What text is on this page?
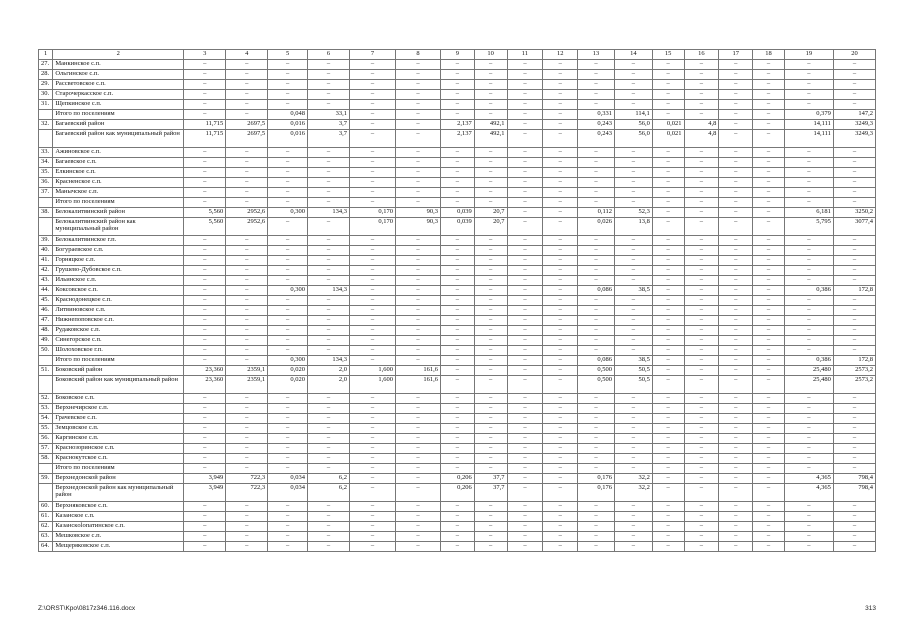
1	2	3	4	5	6	7	8	9	10	11	12	13	14	15	16	17	18	19	20
27.	Манкинское с.п.	–	–	–	–	–	–	–	–	–	–	–	–	–	–	–	–	–	–
28.	Ольгинское с.п.	–	–	–	–	–	–	–	–	–	–	–	–	–	–	–	–	–	–
29.	Рассветовское с.п.	–	–	–	–	–	–	–	–	–	–	–	–	–	–	–	–	–	–
30.	Старочеркасское с.п.	–	–	–	–	–	–	–	–	–	–	–	–	–	–	–	–	–	–
31.	Щепкинское с.п.	–	–	–	–	–	–	–	–	–	–	–	–	–	–	–	–	–	–
	Итого по поселениям	–	–	0,048	33,1	–	–	–	–	–	–	0,331	114,1	–	–	–	–	0,379	147,2
32.	Багаевский район	11,715	2697,5	0,016	3,7	–	–	2,137	492,1	–	–	0,243	56,0	0,021	4,8	–	–	14,111	3249,3
	Багаевский район как муниципальный район	11,715	2697,5	0,016	3,7	–	–	2,137	492,1	–	–	0,243	56,0	0,021	4,8	–	–	14,111	3249,3
33.	Ажиновское с.п.	–	–	–	–	–	–	–	–	–	–	–	–	–	–	–	–	–	–
34.	Багаевское с.п.	–	–	–	–	–	–	–	–	–	–	–	–	–	–	–	–	–	–
35.	Елкинское с.п.	–	–	–	–	–	–	–	–	–	–	–	–	–	–	–	–	–	–
36.	Красненское с.п.	–	–	–	–	–	–	–	–	–	–	–	–	–	–	–	–	–	–
37.	Манычское с.п.	–	–	–	–	–	–	–	–	–	–	–	–	–	–	–	–	–	–
	Итого по поселениям	–	–	–	–	–	–	–	–	–	–	–	–	–	–	–	–	–	–
38.	Белокалитвинский район	5,560	2952,6	0,300	134,3	0,170	90,3	0,039	20,7	–	–	0,112	52,3	–	–	–	–	6,181	3250,2
	Белокалитвинский район как муниципальный район	5,560	2952,6	–	–	0,170	90,3	0,039	20,7	–	–	0,026	13,8	–	–	–	–	5,795	3077,4
39.	Белокалитвинское г.п.	–	–	–	–	–	–	–	–	–	–	–	–	–	–	–	–	–	–
40.	Богураевское с.п.	–	–	–	–	–	–	–	–	–	–	–	–	–	–	–	–	–	–
41.	Горняцкое с.п.	–	–	–	–	–	–	–	–	–	–	–	–	–	–	–	–	–	–
42.	Грушево-Дубовское с.п.	–	–	–	–	–	–	–	–	–	–	–	–	–	–	–	–	–	–
43.	Ильинское с.п.	–	–	–	–	–	–	–	–	–	–	–	–	–	–	–	–	–	–
44.	Коксовское с.п.	–	–	0,300	134,3	–	–	–	–	–	–	0,086	38,5	–	–	–	–	0,386	172,8
45.	Краснодонецкое с.п.	–	–	–	–	–	–	–	–	–	–	–	–	–	–	–	–	–	–
46.	Литвиновское с.п.	–	–	–	–	–	–	–	–	–	–	–	–	–	–	–	–	–	–
47.	Нижнепоповское с.п.	–	–	–	–	–	–	–	–	–	–	–	–	–	–	–	–	–	–
48.	Рудаковское с.п.	–	–	–	–	–	–	–	–	–	–	–	–	–	–	–	–	–	–
49.	Синегорское с.п.	–	–	–	–	–	–	–	–	–	–	–	–	–	–	–	–	–	–
50.	Шолоховское г.п.	–	–	–	–	–	–	–	–	–	–	–	–	–	–	–	–	–	–
	Итого по поселениям	–	–	0,300	134,3	–	–	–	–	–	–	0,086	38,5	–	–	–	–	0,386	172,8
51.	Боковский район	23,360	2359,1	0,020	2,0	1,600	161,6	–	–	–	–	0,500	50,5	–	–	–	–	25,480	2573,2
	Боковский район как муниципальный район	23,360	2359,1	0,020	2,0	1,600	161,6	–	–	–	–	0,500	50,5	–	–	–	–	25,480	2573,2
52.	Боковское с.п.	–	–	–	–	–	–	–	–	–	–	–	–	–	–	–	–	–	–
53.	Верхнечирское с.п.	–	–	–	–	–	–	–	–	–	–	–	–	–	–	–	–	–	–
54.	Грачевское с.п.	–	–	–	–	–	–	–	–	–	–	–	–	–	–	–	–	–	–
55.	Земцовское с.п.	–	–	–	–	–	–	–	–	–	–	–	–	–	–	–	–	–	–
56.	Каргинское с.п.	–	–	–	–	–	–	–	–	–	–	–	–	–	–	–	–	–	–
57.	Краснозоринское с.п.	–	–	–	–	–	–	–	–	–	–	–	–	–	–	–	–	–	–
58.	Краснокутское с.п.	–	–	–	–	–	–	–	–	–	–	–	–	–	–	–	–	–	–
	Итого по поселениям	–	–	–	–	–	–	–	–	–	–	–	–	–	–	–	–	–	–
59.	Верхнедонской район	3,949	722,3	0,034	6,2	–	–	0,206	37,7	–	–	0,176	32,2	–	–	–	–	4,365	798,4
	Верхнедонской район как муниципальный район	3,949	722,3	0,034	6,2	–	–	0,206	37,7	–	–	0,176	32,2	–	–	–	–	4,365	798,4
60.	Верхняковское с.п.	–	–	–	–	–	–	–	–	–	–	–	–	–	–	–	–	–	–
61.	Казанское с.п.	–	–	–	–	–	–	–	–	–	–	–	–	–	–	–	–	–	–
62.	Казанскolопатинское с.п.	–	–	–	–	–	–	–	–	–	–	–	–	–	–	–	–	–	–
63.	Мешковское с.п.	–	–	–	–	–	–	–	–	–	–	–	–	–	–	–	–	–	–
64.	Мещеряковское с.п.	–	–	–	–	–	–	–	–	–	–	–	–	–	–	–	–	–	–
Z:\ORST\Kpo\0817z346.116.docx	313
